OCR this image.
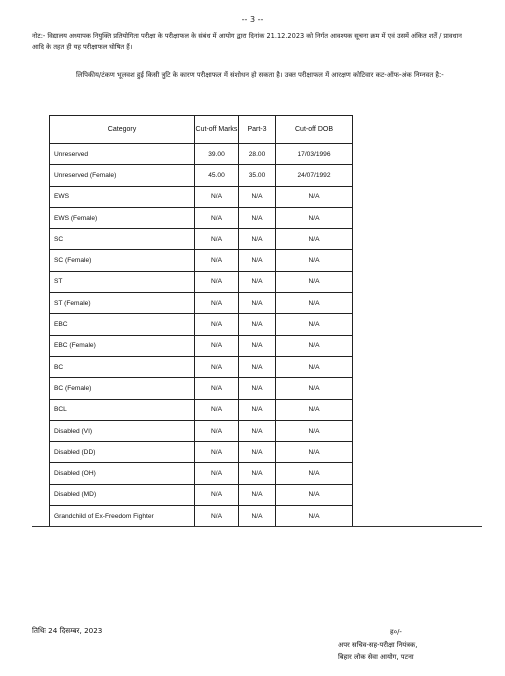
-- 3 --
नोट:- विद्यालय अध्यापक नियुक्ति प्रतियोगिता परीक्षा के परीक्षाफल के संबंध में आयोग द्वारा दिनांक 21.12.2023 को निर्गत आवश्यक सूचना क्रम में एवं उसमें अंकित शर्तें / प्रावधान आदि के तहत ही यह परीक्षाफल घोषित हैं।
लिपिकीय/टंकण भूलवश हुई किसी त्रुटि के कारण परीक्षाफल में संशोधन हो सकता है। उक्त परीक्षाफल में आरक्षण कोटिवार कट-ऑफ-अंक निम्नवत है:-
Category	Cut-off Marks	Part-3	Cut-off DOB
Unreserved	39.00	28.00	17/03/1996
Unreserved (Female)	45.00	35.00	24/07/1992
EWS	N/A	N/A	N/A
EWS (Female)	N/A	N/A	N/A
SC	N/A	N/A	N/A
SC (Female)	N/A	N/A	N/A
ST	N/A	N/A	N/A
ST (Female)	N/A	N/A	N/A
EBC	N/A	N/A	N/A
EBC (Female)	N/A	N/A	N/A
BC	N/A	N/A	N/A
BC (Female)	N/A	N/A	N/A
BCL	N/A	N/A	N/A
Disabled (VI)	N/A	N/A	N/A
Disabled (DD)	N/A	N/A	N/A
Disabled (OH)	N/A	N/A	N/A
Disabled (MD)	N/A	N/A	N/A
Grandchild of Ex-Freedom Fighter	N/A	N/A	N/A
तिथिः 24 दिसम्बर, 2023	ह०/-
अपर सचिव-सह-परीक्षा नियंत्रक,
बिहार लोक सेवा आयोग, पटना
